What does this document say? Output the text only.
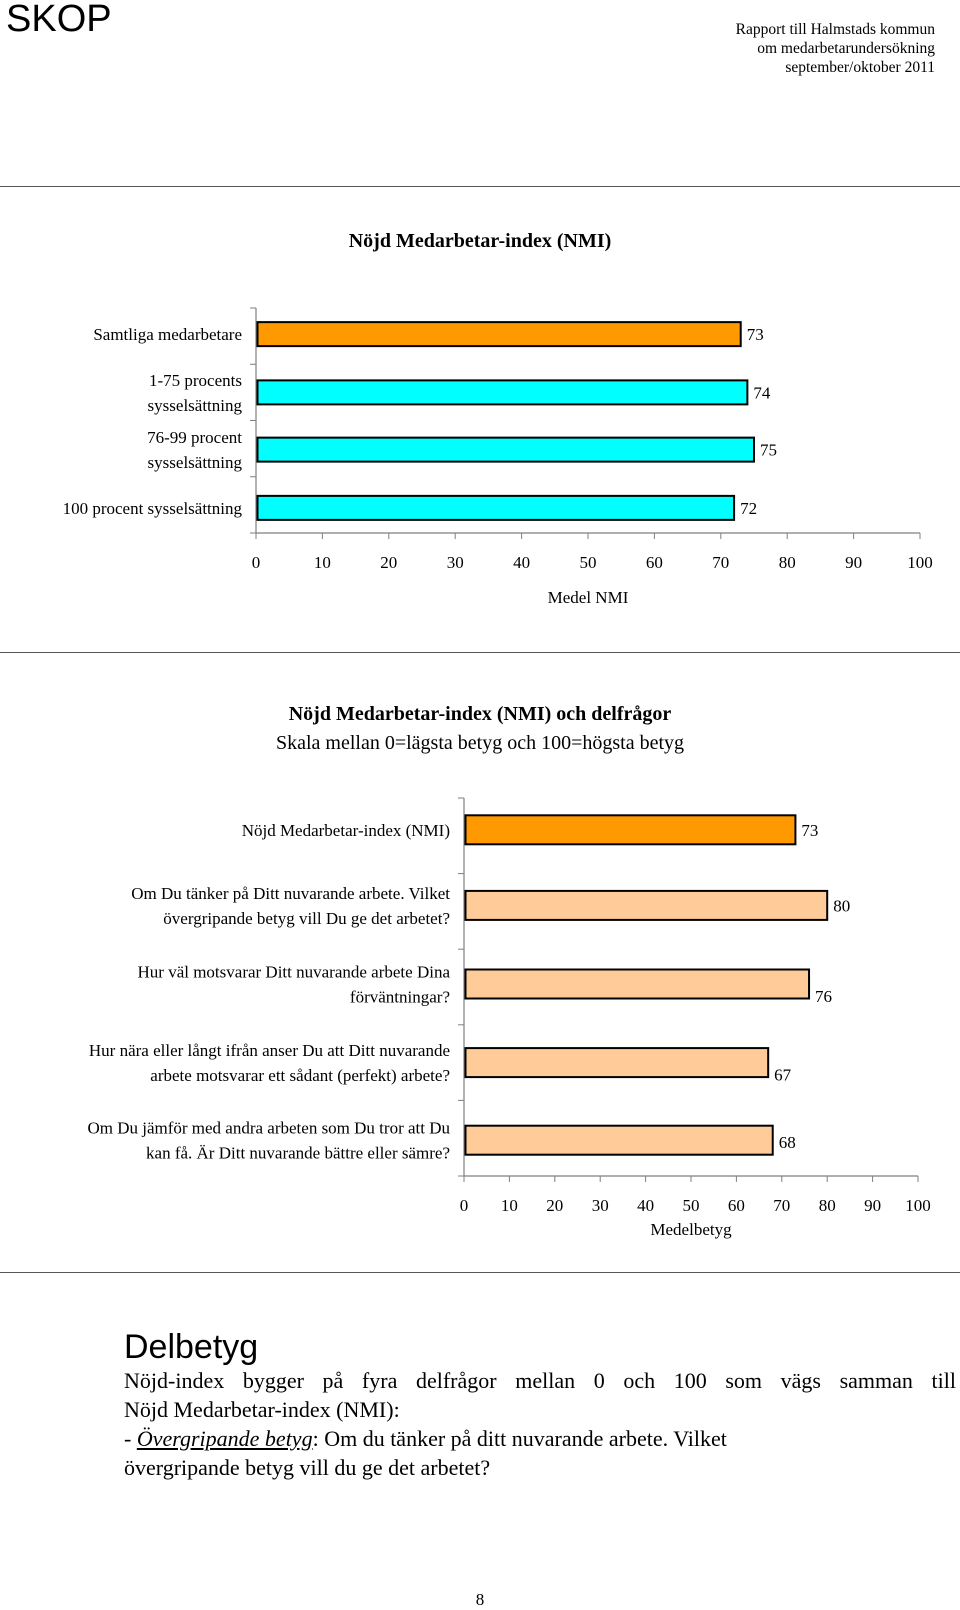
SKOP	Rapport till Halmstads kommun
om medarbetarundersökning
september/oktober 2011
Nöjd Medarbetar-index (NMI)
0	10	20	30	40	50	60	70	80	90	100
Medel NMI
73
Samtliga medarbetare
74
1-75 procents
sysselsättning
75
76-99 procent
sysselsättning
72
100 procent sysselsättning
Nöjd Medarbetar-index (NMI) och delfrågor
Skala mellan 0=lägsta betyg och 100=högsta betyg
0 10 20 30 40 50 60 70 80 90 100
Medelbetyg
73
Nöjd Medarbetar-index (NMI)
80
Om Du tänker på Ditt nuvarande arbete. Vilket
övergripande betyg vill Du ge det arbetet?
76
Hur väl motsvarar Ditt nuvarande arbete Dina
förväntningar?
67
Hur nära eller långt ifrån anser Du att Ditt nuvarande
arbete motsvarar ett sådant (perfekt) arbete?
68
Om Du jämför med andra arbeten som Du tror att Du
kan få. Är Ditt nuvarande bättre eller sämre?
Delbetyg
Nöjd-index bygger på fyra delfrågor mellan 0 och 100 som vägs samman till
Nöjd Medarbetar-index (NMI):
- Övergripande betyg: Om du tänker på ditt nuvarande arbete. Vilket
övergripande betyg vill du ge det arbetet?
8
